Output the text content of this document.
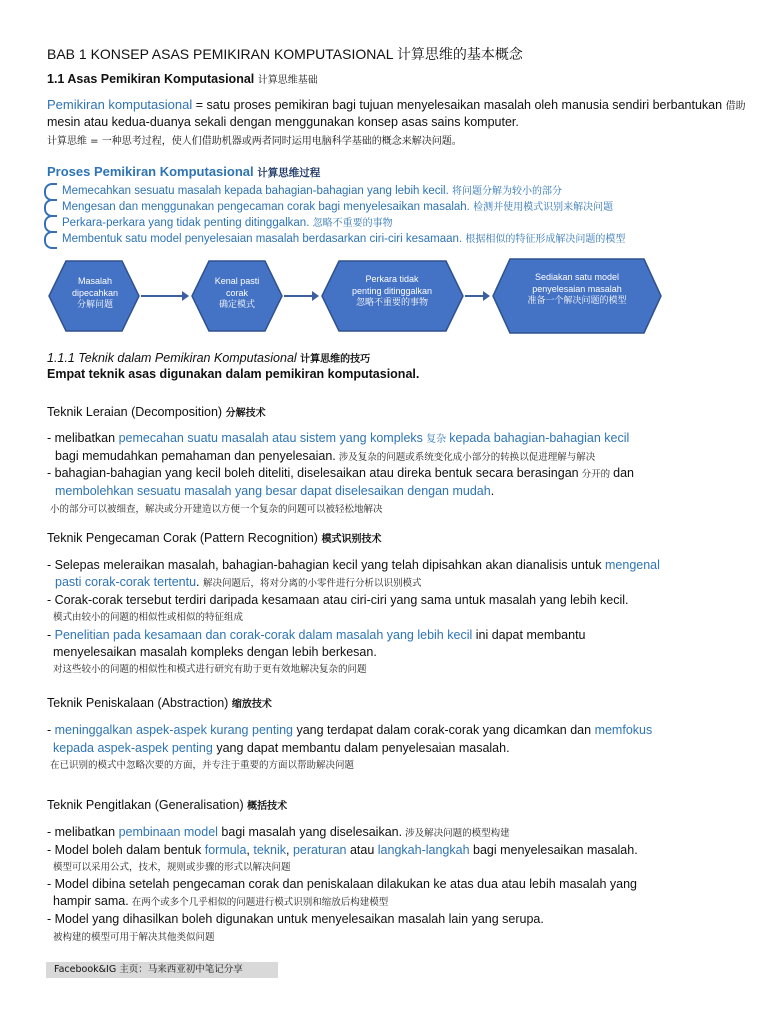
BAB 1 KONSEP ASAS PEMIKIRAN KOMPUTASIONAL 计算思维的基本概念
1.1 Asas Pemikiran Komputasional 计算思维基础
Pemikiran komputasional = satu proses pemikiran bagi tujuan menyelesaikan masalah oleh manusia sendiri berbantukan 借助
mesin atau kedua-duanya sekali dengan menggunakan konsep asas sains komputer.
计算思维 = 一种思考过程，使人们借助机器或两者同时运用电脑科学基础的概念来解决问题。
Proses Pemikiran Komputasional 计算思维过程
Memecahkan sesuatu masalah kepada bahagian-bahagian yang lebih kecil. 将问题分解为较小的部分
Mengesan dan menggunakan pengecaman corak bagi menyelesaikan masalah. 检测并使用模式识别来解决问题
Perkara-perkara yang tidak penting ditinggalkan. 忽略不重要的事物
Membentuk satu model penyelesaian masalah berdasarkan ciri-ciri kesamaan. 根据相似的特征形成解决问题的模型
Masalah
dipecahkan
分解问题
Kenal pasti
corak
确定模式
Perkara tidak
penting ditinggalkan
忽略不重要的事物
Sediakan satu model
penyelesaian masalah
准备一个解决问题的模型
1.1.1 Teknik dalam Pemikiran Komputasional 计算思维的技巧
Empat teknik asas digunakan dalam pemikiran komputasional.
Teknik Leraian (Decomposition) 分解技术
- melibatkan pemecahan suatu masalah atau sistem yang kompleks 复杂 kepada bahagian-bahagian kecil
bagi memudahkan pemahaman dan penyelesaian. 涉及复杂的问题或系统变化成小部分的转换以促进理解与解决
- bahagian-bahagian yang kecil boleh diteliti, diselesaikan atau direka bentuk secara berasingan 分开的 dan
membolehkan sesuatu masalah yang besar dapat diselesaikan dengan mudah.
小的部分可以被细查，解决或分开建造以方便一个复杂的问题可以被轻松地解决
Teknik Pengecaman Corak (Pattern Recognition) 模式识别技术
- Selepas meleraikan masalah, bahagian-bahagian kecil yang telah dipisahkan akan dianalisis untuk mengenal
pasti corak-corak tertentu. 解决问题后，将对分离的小零件进行分析以识别模式
- Corak-corak tersebut terdiri daripada kesamaan atau ciri-ciri yang sama untuk masalah yang lebih kecil.
模式由较小的问题的相似性或相似的特征组成
- Penelitian pada kesamaan dan corak-corak dalam masalah yang lebih kecil ini dapat membantu
menyelesaikan masalah kompleks dengan lebih berkesan.
对这些较小的问题的相似性和模式进行研究有助于更有效地解决复杂的问题
Teknik Peniskalaan (Abstraction) 缩放技术
- meninggalkan aspek-aspek kurang penting yang terdapat dalam corak-corak yang dicamkan dan memfokus
kepada aspek-aspek penting yang dapat membantu dalam penyelesaian masalah.
在已识别的模式中忽略次要的方面，并专注于重要的方面以帮助解决问题
Teknik Pengitlakan (Generalisation) 概括技术
- melibatkan pembinaan model bagi masalah yang diselesaikan. 涉及解决问题的模型构建
- Model boleh dalam bentuk formula, teknik, peraturan atau langkah-langkah bagi menyelesaikan masalah.
模型可以采用公式，技术，规则或步骤的形式以解决问题
- Model dibina setelah pengecaman corak dan peniskalaan dilakukan ke atas dua atau lebih masalah yang
hampir sama. 在两个或多个几乎相似的问题进行模式识别和缩放后构建模型
- Model yang dihasilkan boleh digunakan untuk menyelesaikan masalah lain yang serupa.
被构建的模型可用于解决其他类似问题
Facebook&IG 主页：马来西亚初中笔记分享
